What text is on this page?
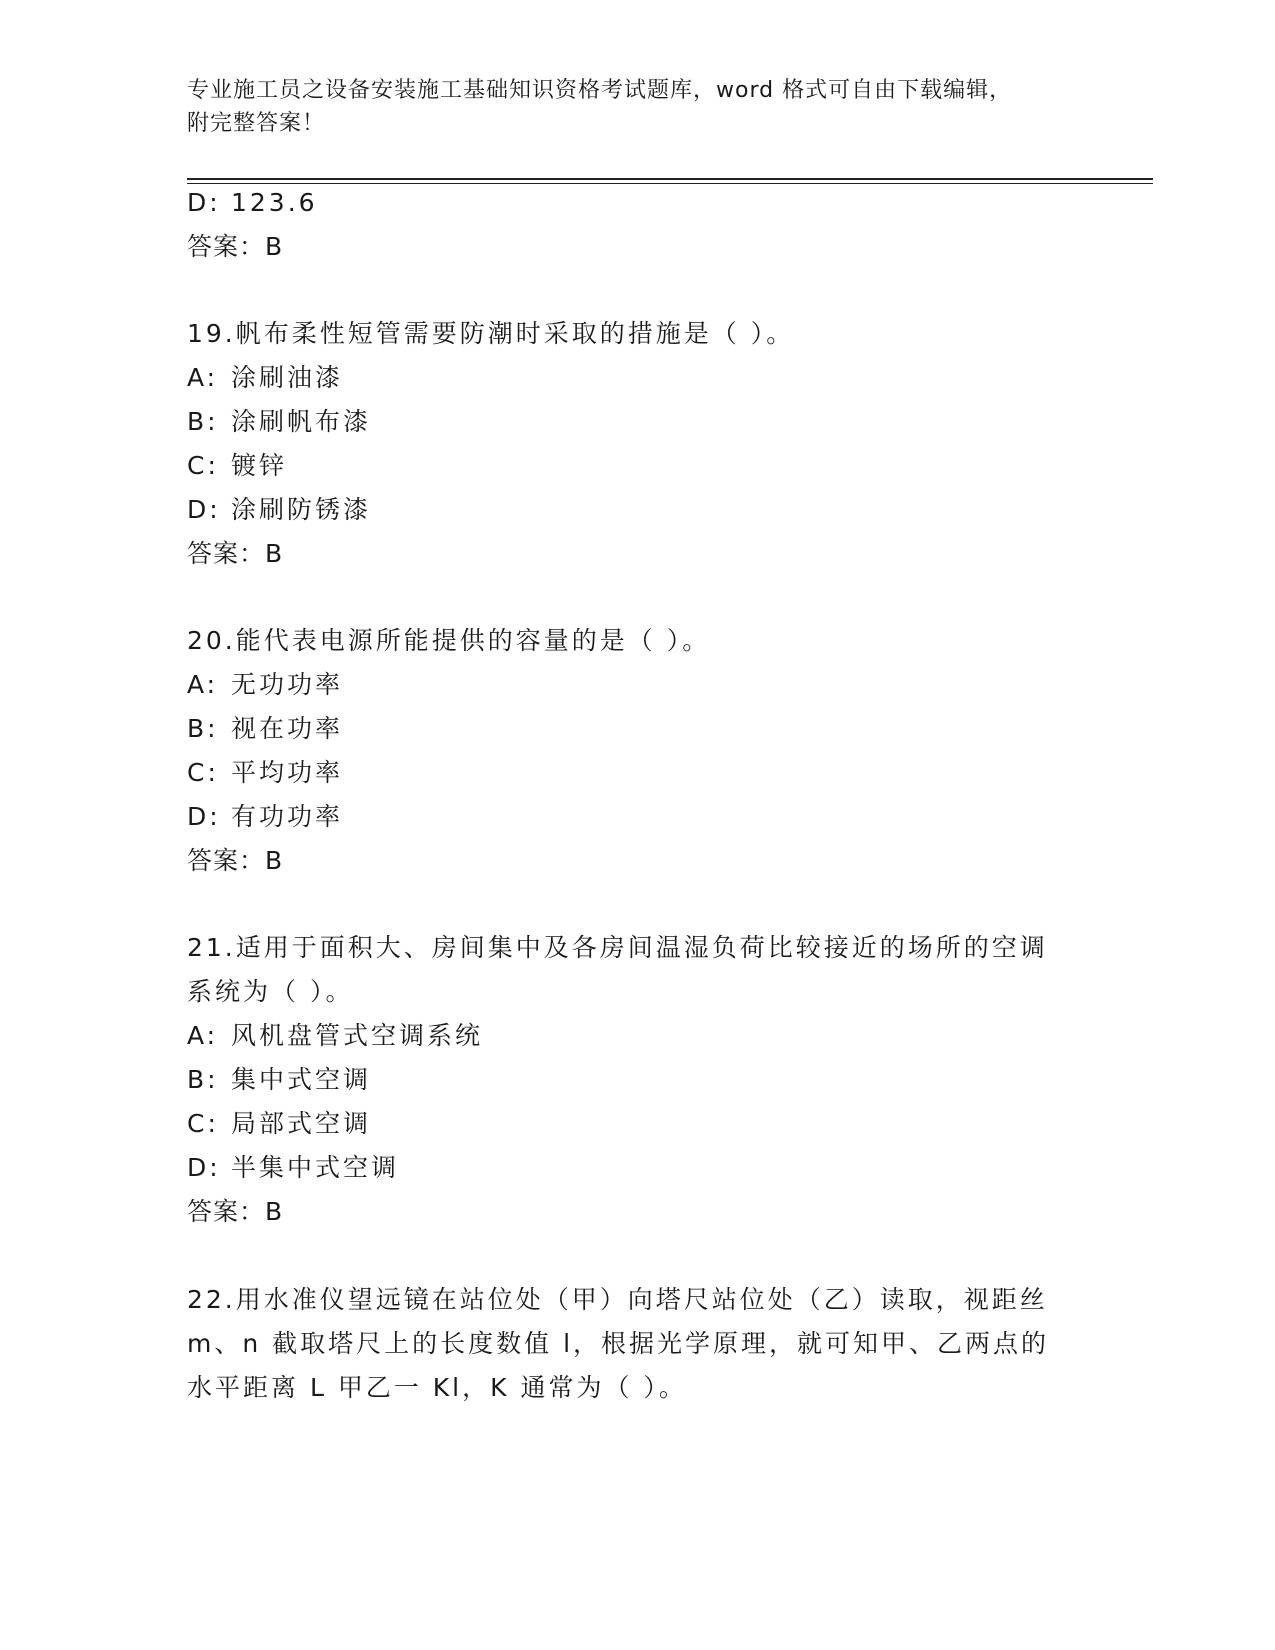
专业施工员之设备安装施工基础知识资格考试题库，word 格式可自由下载编辑，
附完整答案！
D: 123.6
答案：B
19.帆布柔性短管需要防潮时采取的措施是（ ）。
A: 涂刷油漆
B: 涂刷帆布漆
C: 镀锌
D: 涂刷防锈漆
答案：B
20.能代表电源所能提供的容量的是（ ）。
A: 无功功率
B: 视在功率
C: 平均功率
D: 有功功率
答案：B
21.适用于面积大、房间集中及各房间温湿负荷比较接近的场所的空调
系统为（ ）。
A: 风机盘管式空调系统
B: 集中式空调
C: 局部式空调
D: 半集中式空调
答案：B
22.用水准仪望远镜在站位处（甲）向塔尺站位处（乙）读取，视距丝
m、n 截取塔尺上的长度数值 l，根据光学原理，就可知甲、乙两点的
水平距离 L 甲乙一 Kl，K 通常为（ ）。
